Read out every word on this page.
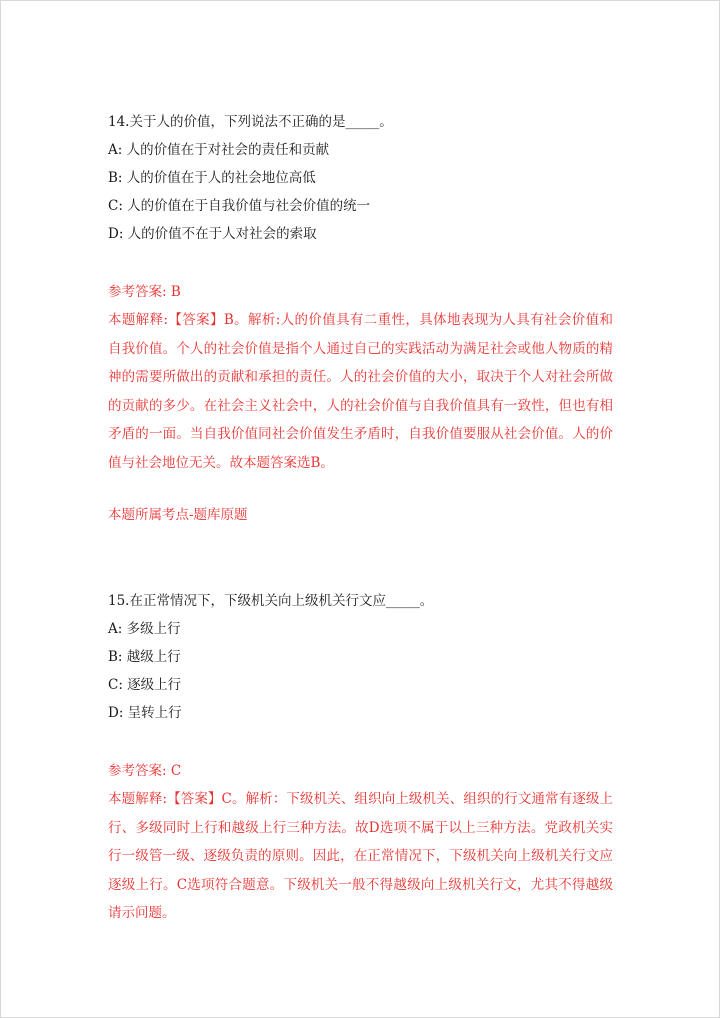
14.关于人的价值，下列说法不正确的是_____。

A: 人的价值在于对社会的责任和贡献

B: 人的价值在于人的社会地位高低

C: 人的价值在于自我价值与社会价值的统一

D: 人的价值不在于人对社会的索取

参考答案: B

本题解释:【答案】B。解析:人的价值具有二重性，具体地表现为人具有社会价值和自我价值。个人的社会价值是指个人通过自己的实践活动为满足社会或他人物质的精神的需要所做出的贡献和承担的责任。人的社会价值的大小，取决于个人对社会所做的贡献的多少。在社会主义社会中，人的社会价值与自我价值具有一致性，但也有相矛盾的一面。当自我价值同社会价值发生矛盾时，自我价值要服从社会价值。人的价值与社会地位无关。故本题答案选B。

本题所属考点-题库原题

15.在正常情况下，下级机关向上级机关行文应_____。

A: 多级上行

B: 越级上行

C: 逐级上行

D: 呈转上行

参考答案: C

本题解释:【答案】C。解析：下级机关、组织向上级机关、组织的行文通常有逐级上行、多级同时上行和越级上行三种方法。故D选项不属于以上三种方法。党政机关实行一级管一级、逐级负责的原则。因此，在正常情况下，下级机关向上级机关行文应逐级上行。C选项符合题意。下级机关一般不得越级向上级机关行文，尤其不得越级请示问题。
